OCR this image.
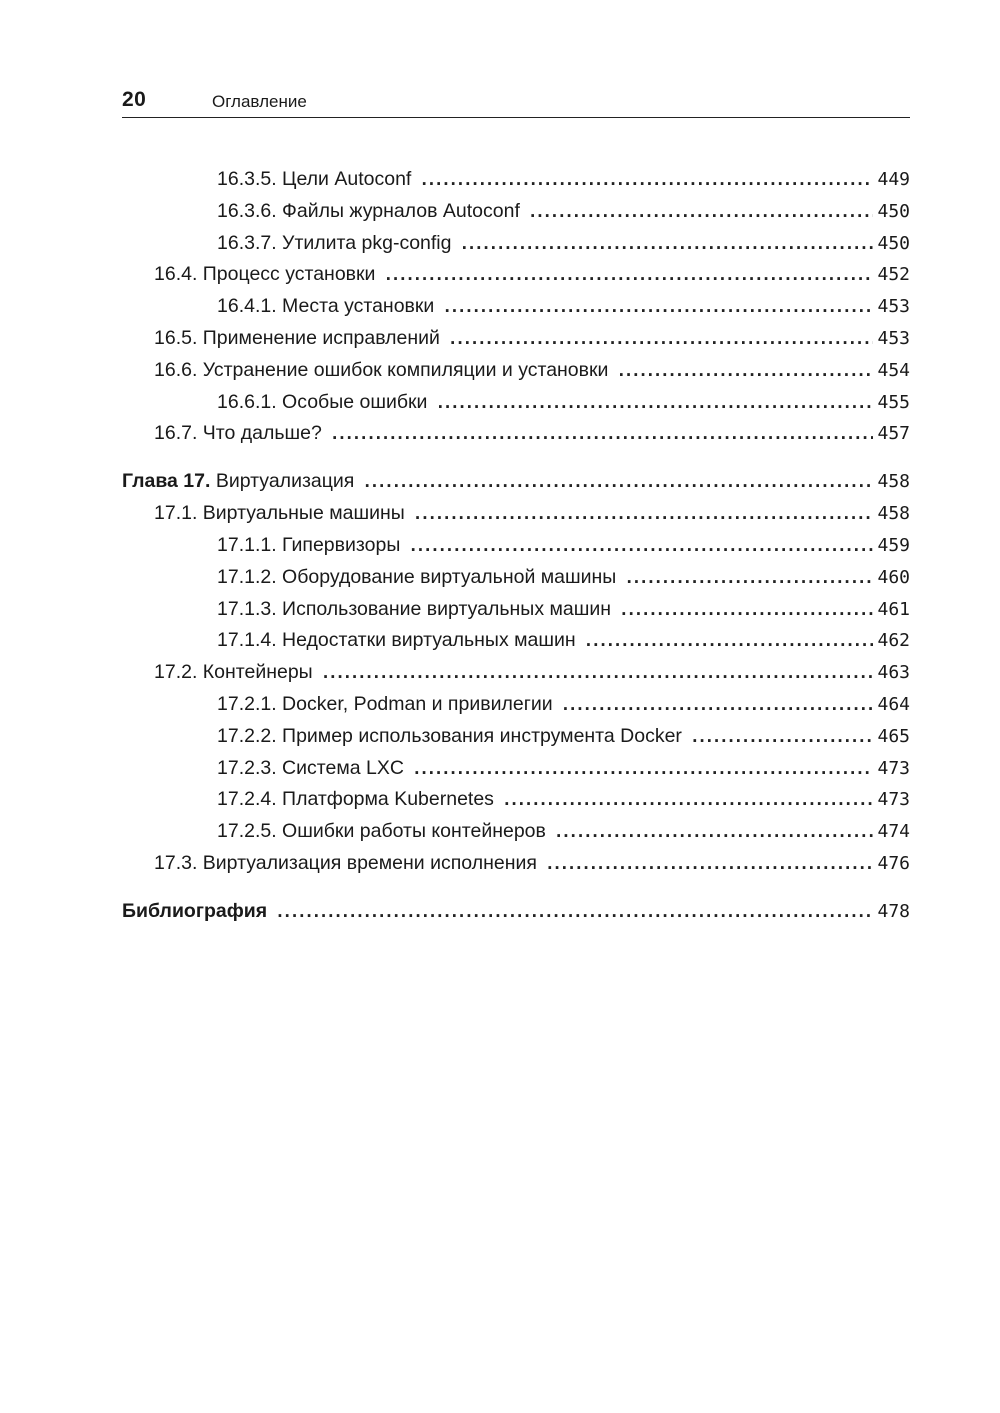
20	Оглавление
16.3.5. Цели Autoconf . . .	449
16.3.6. Файлы журналов Autoconf . . .	450
16.3.7. Утилита pkg-config . . .	450
16.4. Процесс установки . . .	452
16.4.1. Места установки . . .	453
16.5. Применение исправлений . . .	453
16.6. Устранение ошибок компиляции и установки . . .	454
16.6.1. Особые ошибки . . .	455
16.7. Что дальше? . . .	457
Глава 17. Виртуализация . . .	458
17.1. Виртуальные машины . . .	458
17.1.1. Гипервизоры . . .	459
17.1.2. Оборудование виртуальной машины . . .	460
17.1.3. Использование виртуальных машин . . .	461
17.1.4. Недостатки виртуальных машин . . .	462
17.2. Контейнеры . . .	463
17.2.1. Docker, Podman и привилегии . . .	464
17.2.2. Пример использования инструмента Docker . . .	465
17.2.3. Система LXC . . .	473
17.2.4. Платформа Kubernetes . . .	473
17.2.5. Ошибки работы контейнеров . . .	474
17.3. Виртуализация времени исполнения . . .	476
Библиография . . .	478
